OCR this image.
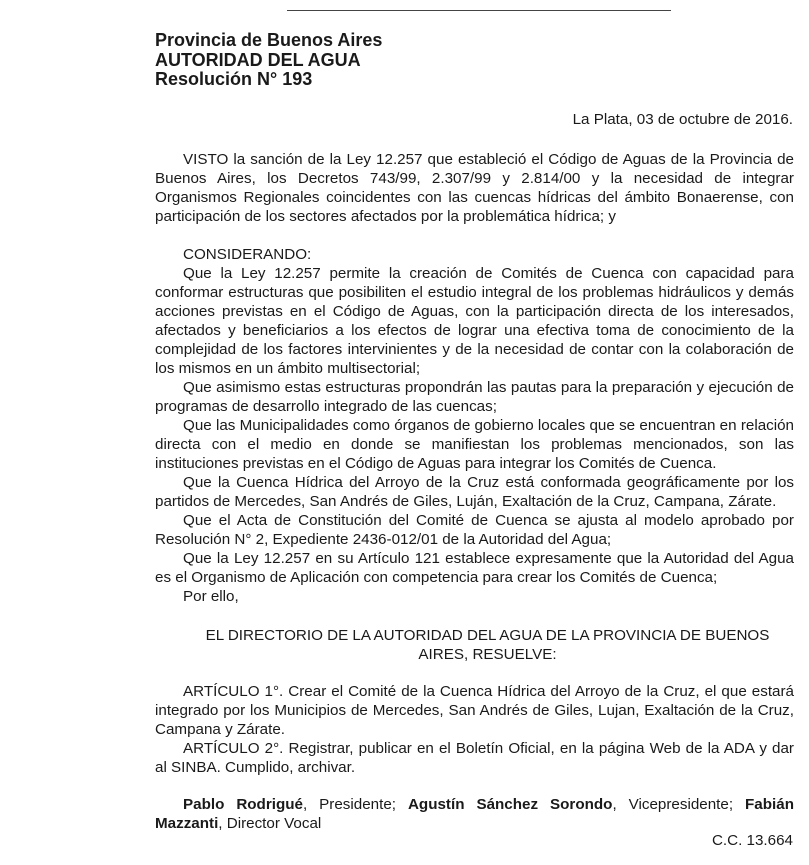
Provincia de Buenos Aires
AUTORIDAD DEL AGUA
Resolución N° 193
La Plata, 03 de octubre de 2016.
VISTO la sanción de la Ley 12.257 que estableció el Código de Aguas de la Provincia de Buenos Aires, los Decretos 743/99, 2.307/99 y 2.814/00 y la necesidad de integrar Organismos Regionales coincidentes con las cuencas hídricas del ámbito Bonaerense, con participación de los sectores afectados por la problemática hídrica; y
CONSIDERANDO:
Que la Ley 12.257 permite la creación de Comités de Cuenca con capacidad para conformar estructuras que posibiliten el estudio integral de los problemas hidráulicos y demás acciones previstas en el Código de Aguas, con la participación directa de los interesados, afectados y beneficiarios a los efectos de lograr una efectiva toma de conocimiento de la complejidad de los factores intervinientes y de la necesidad de contar con la colaboración de los mismos en un ámbito multisectorial;
Que asimismo estas estructuras propondrán las pautas para la preparación y ejecución de programas de desarrollo integrado de las cuencas;
Que las Municipalidades como órganos de gobierno locales que se encuentran en relación directa con el medio en donde se manifiestan los problemas mencionados, son las instituciones previstas en el Código de Aguas para integrar los Comités de Cuenca.
Que la Cuenca Hídrica del Arroyo de la Cruz está conformada geográficamente por los partidos de Mercedes, San Andrés de Giles, Luján, Exaltación de la Cruz, Campana, Zárate.
Que el Acta de Constitución del Comité de Cuenca se ajusta al modelo aprobado por Resolución N° 2, Expediente 2436-012/01 de la Autoridad del Agua;
Que la Ley 12.257 en su Artículo 121 establece expresamente que la Autoridad del Agua es el Organismo de Aplicación con competencia para crear los Comités de Cuenca;
Por ello,
EL DIRECTORIO DE LA AUTORIDAD DEL AGUA DE LA PROVINCIA DE BUENOS AIRES, RESUELVE:
ARTÍCULO 1°. Crear el Comité de la Cuenca Hídrica del Arroyo de la Cruz, el que estará integrado por los Municipios de Mercedes, San Andrés de Giles, Lujan, Exaltación de la Cruz, Campana y Zárate.
ARTÍCULO 2°. Registrar, publicar en el Boletín Oficial, en la página Web de la ADA y dar al SINBA. Cumplido, archivar.
Pablo Rodrigué, Presidente; Agustín Sánchez Sorondo, Vicepresidente; Fabián Mazzanti, Director Vocal
C.C. 13.664
